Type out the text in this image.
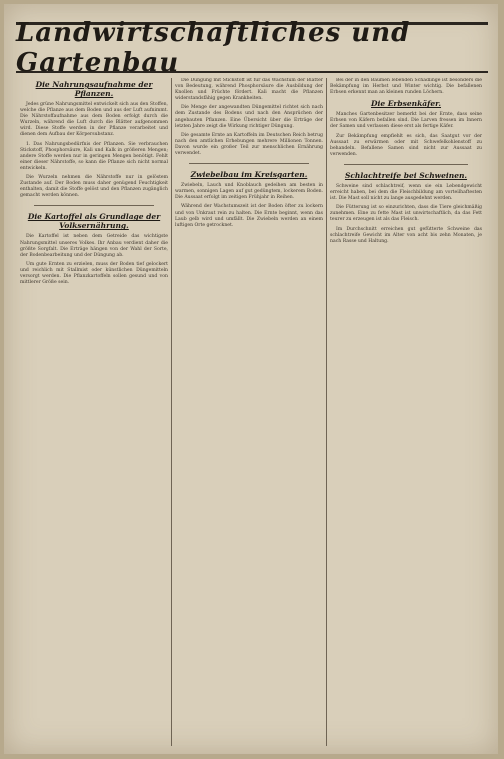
Landwirtschaftliches und Gartenbau
Die Nahrungsaufnahme der Pflanzen.

Jedes grüne Nahrungsmittel entwickelt sich aus den Stoffen, welche die Pflanze aus dem Boden und aus der Luft aufnimmt. Die Nährstoffaufnahme aus dem Boden erfolgt durch die Wurzeln, während die Luft durch die Blätter aufgenommen wird. Diese Stoffe werden in der Pflanze verarbeitet und dienen dem Aufbau der Körpersubstanz.

1. Das Nahrungsbedürfnis der Pflanzen. Sie verbrauchen Stickstoff, Phosphorsäure, Kali und Kalk in größeren Mengen; andere Stoffe werden nur in geringen Mengen benötigt. Fehlt einer dieser Nährstoffe, so kann die Pflanze sich nicht normal entwickeln.

Die Wurzeln nehmen die Nährstoffe nur in gelöstem Zustande auf. Der Boden muss daher genügend Feuchtigkeit enthalten, damit die Stoffe gelöst und den Pflanzen zugänglich gemacht werden können.

Die Kartoffel als Grundlage der Volksernährung.

Die Kartoffel ist neben dem Getreide das wichtigste Nahrungsmittel unseres Volkes. Ihr Anbau verdient daher die größte Sorgfalt. Die Erträge hängen von der Wahl der Sorte, der Bodenbearbeitung und der Düngung ab.

Um gute Ernten zu erzielen, muss der Boden tief gelockert und reichlich mit Stallmist oder künstlichen Düngemitteln versorgt werden. Die Pflanzkartoffeln sollen gesund und von mittlerer Größe sein.

Die Düngung mit Stickstoff ist für das Wachstum der Blätter von Bedeutung, während Phosphorsäure die Ausbildung der Knollen und Früchte fördert. Kali macht die Pflanzen widerstandsfähig gegen Krankheiten.

Die Menge der angewandten Düngemittel richtet sich nach dem Zustande des Bodens und nach den Ansprüchen der angebauten Pflanzen. Eine Übersicht über die Erträge der letzten Jahre zeigt die Wirkung richtiger Düngung.

Die gesamte Ernte an Kartoffeln im Deutschen Reich betrug nach den amtlichen Erhebungen mehrere Millionen Tonnen. Davon wurde ein großer Teil zur menschlichen Ernährung verwendet.

Zwiebelbau im Kreisgarten.

Zwiebeln, Lauch und Knoblauch gedeihen am besten in warmen, sonnigen Lagen auf gut gedüngtem, lockerem Boden. Die Aussaat erfolgt im zeitigen Frühjahr in Reihen.

Während der Wachstumszeit ist der Boden öfter zu lockern und von Unkraut rein zu halten. Die Ernte beginnt, wenn das Laub gelb wird und umfällt. Die Zwiebeln werden an einem luftigen Orte getrocknet.

Bei der in den Bäumen lebenden Schädlinge ist besonders die Bekämpfung im Herbst und Winter wichtig. Die befallenen Erbsen erkennt man an kleinen runden Löchern.

Die Erbsenkäfer.

Manches Gartenbesitzer bemerkt bei der Ernte, dass seine Erbsen von Käfern befallen sind. Die Larven fressen im Innern der Samen und verlassen diese erst als fertige Käfer.

Zur Bekämpfung empfiehlt es sich, das Saatgut vor der Aussaat zu erwärmen oder mit Schwefelkohlenstoff zu behandeln. Befallene Samen sind nicht zur Aussaat zu verwenden.

Schlachtreife bei Schweinen.

Schweine sind schlachtreif, wenn sie ein Lebendgewicht erreicht haben, bei dem die Fleischbildung am vorteilhaftesten ist. Die Mast soll nicht zu lange ausgedehnt werden.

Die Fütterung ist so einzurichten, dass die Tiere gleichmäßig zunehmen. Eine zu fette Mast ist unwirtschaftlich, da das Fett teurer zu erzeugen ist als das Fleisch.

Im Durchschnitt erreichen gut gefütterte Schweine das schlachtreife Gewicht im Alter von acht bis zehn Monaten, je nach Rasse und Haltung.
